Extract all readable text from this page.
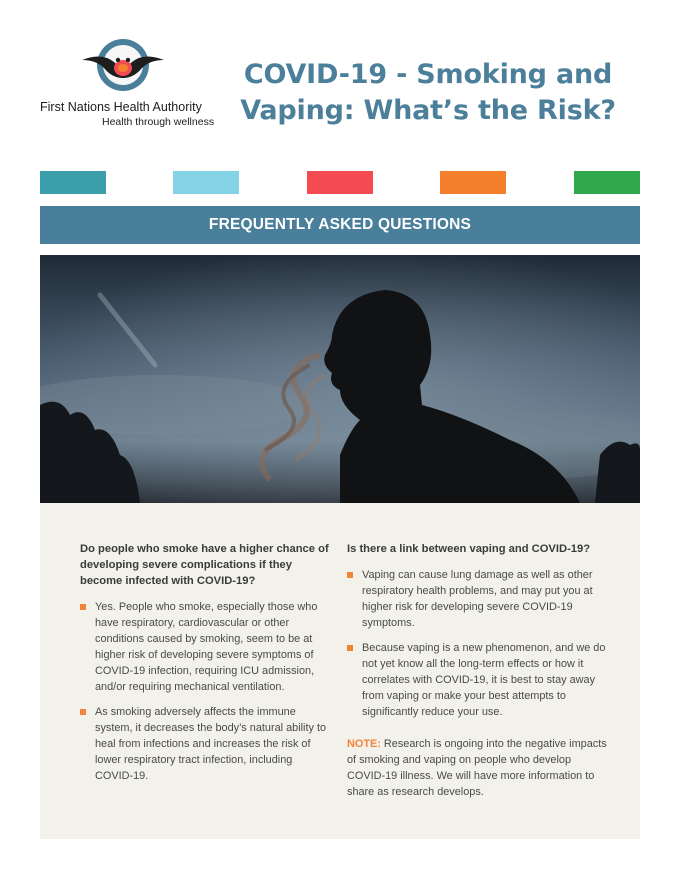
First Nations Health Authority
Health through wellness
COVID-19 - Smoking and
Vaping: What’s the Risk?
FREQUENTLY ASKED QUESTIONS
Do people who smoke have a higher chance of developing severe complications if they become infected with COVID-19?
Yes. People who smoke, especially those who have respiratory, cardiovascular or other conditions caused by smoking, seem to be at higher risk of developing severe symptoms of COVID-19 infection, requiring ICU admission, and/or requiring mechanical ventilation.
As smoking adversely affects the immune system, it decreases the body’s natural ability to heal from infections and increases the risk of lower respiratory tract infection, including COVID-19.
Is there a link between vaping and COVID-19?
Vaping can cause lung damage as well as other respiratory health problems, and may put you at higher risk for developing severe COVID-19 symptoms.
Because vaping is a new phenomenon, and we do not yet know all the long-term effects or how it correlates with COVID-19, it is best to stay away from vaping or make your best attempts to significantly reduce your use.
NOTE: Research is ongoing into the negative impacts of smoking and vaping on people who develop COVID-19 illness. We will have more information to share as research develops.
